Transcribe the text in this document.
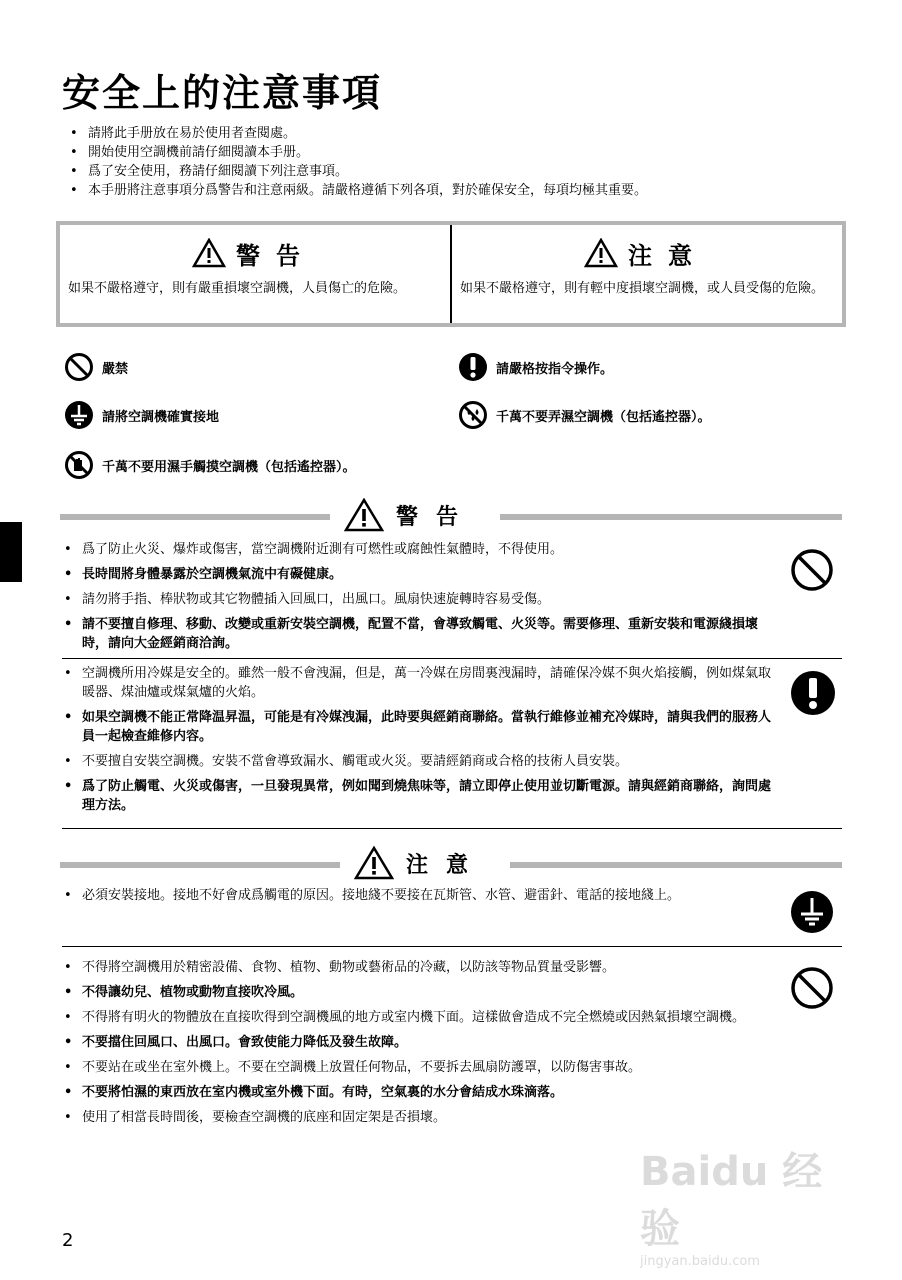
安全上的注意事項
• 請將此手册放在易於使用者查閱處。
• 開始使用空調機前請仔細閱讀本手册。
• 爲了安全使用，務請仔細閱讀下列注意事項。
• 本手册將注意事項分爲警告和注意兩級。請嚴格遵循下列各項，對於確保安全，每項均極其重要。
警告
如果不嚴格遵守，則有嚴重損壞空調機，人員傷亡的危險。
注意
如果不嚴格遵守，則有輕中度損壞空調機，或人員受傷的危險。
嚴禁	請嚴格按指令操作。
請將空調機確實接地	千萬不要弄濕空調機（包括遙控器）。
千萬不要用濕手觸摸空調機（包括遙控器）。
警告
• 爲了防止火災、爆炸或傷害，當空調機附近測有可燃性或腐蝕性氣體時，不得使用。
• 長時間將身體暴露於空調機氣流中有礙健康。
• 請勿將手指、棒狀物或其它物體插入回風口，出風口。風扇快速旋轉時容易受傷。
• 請不要擅自修理、移動、改變或重新安裝空調機，配置不當，會導致觸電、火災等。需要修理、重新安裝和電源綫損壞時，請向大金經銷商洽詢。
• 空調機所用冷媒是安全的。雖然一般不會洩漏，但是，萬一冷媒在房間裏洩漏時，請確保冷媒不與火焰接觸，例如煤氣取暖器、煤油爐或煤氣爐的火焰。
• 如果空調機不能正常降温昇温，可能是有冷媒洩漏，此時要與經銷商聯絡。當執行維修並補充冷媒時，請與我們的服務人員一起檢查維修内容。
• 不要擅自安裝空調機。安裝不當會導致漏水、觸電或火災。要請經銷商或合格的技術人員安裝。
• 爲了防止觸電、火災或傷害，一旦發現異常，例如聞到燒焦味等，請立即停止使用並切斷電源。請與經銷商聯絡，詢問處理方法。
注意
• 必須安裝接地。接地不好會成爲觸電的原因。接地綫不要接在瓦斯管、水管、避雷針、電話的接地綫上。
• 不得將空調機用於精密設備、食物、植物、動物或藝術品的冷藏，以防該等物品質量受影響。
• 不得讓幼兒、植物或動物直接吹冷風。
• 不得將有明火的物體放在直接吹得到空調機風的地方或室内機下面。這樣做會造成不完全燃燒或因熱氣損壞空調機。
• 不要擋住回風口、出風口。會致使能力降低及發生故障。
• 不要站在或坐在室外機上。不要在空調機上放置任何物品，不要拆去風扇防護罩，以防傷害事故。
• 不要將怕濕的東西放在室内機或室外機下面。有時，空氣裏的水分會結成水珠滴落。
• 使用了相當長時間後，要檢查空調機的底座和固定架是否損壞。
2
Baidu 经验
jingyan.baidu.com
